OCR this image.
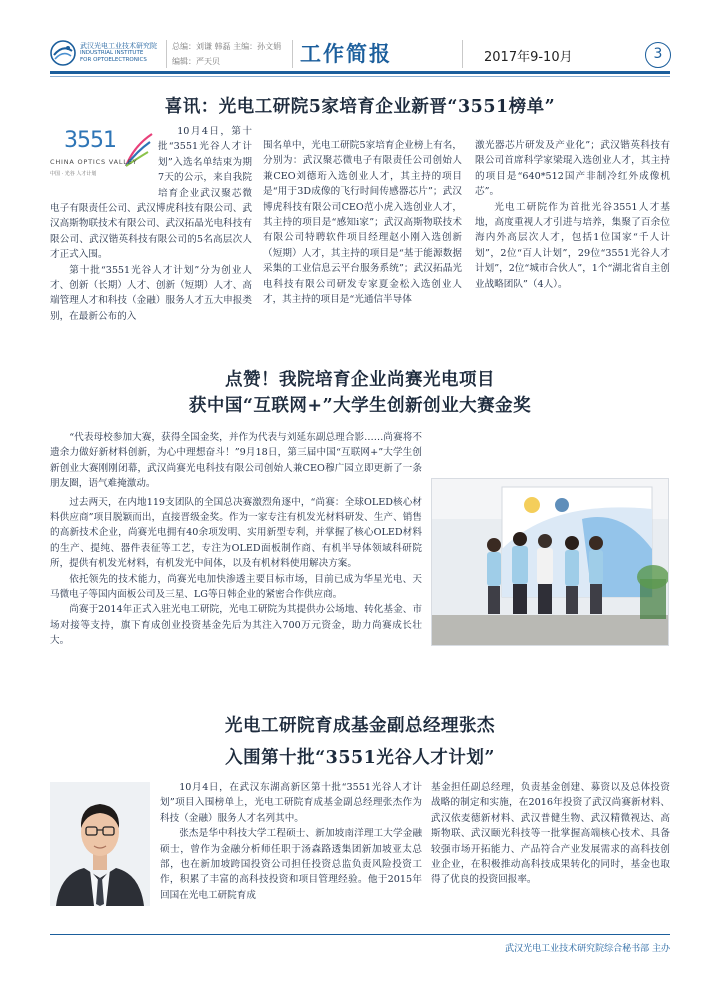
武汉光电工业技术研究院
INDUSTRIAL INSTITUTE
FOR OPTOELECTRONICS
总编：刘谦 韩磊 主编：孙文娟
编辑：严天贝	工作简报	2017年9-10月	3
喜讯：光电工研院5家培育企业新晋“3551榜单”
3551
CHINA OPTICS VALLEY
中国 · 光谷 人才计划

10月4日，第十批“3551光谷人才计划”入选名单结束为期7天的公示，来自我院培育企业武汉聚芯微电子有限责任公司、武汉博虎科技有限公司、武汉高斯物联技术有限公司、武汉拓晶光电科技有限公司、武汉锴英科技有限公司的5名高层次人才正式入围。

第十批“3551光谷人才计划”分为创业人才、创新（长期）人才、创新（短期）人才、高端管理人才和科技（金融）服务人才五大申报类别，在最新公布的入

围名单中，光电工研院5家培育企业榜上有名，分别为：武汉聚芯微电子有限责任公司创始人兼CEO刘德珩入选创业人才，其主持的项目是“用于3D成像的飞行时间传感器芯片”；武汉博虎科技有限公司CEO范小虎入选创业人才，其主持的项目是“感知i家”；武汉高斯物联技术有限公司特聘软件项目经理赵小刚入选创新（短期）人才，其主持的项目是“基于能源数据采集的工业信息云平台服务系统”；武汉拓晶光电科技有限公司研发专家夏金松入选创业人才，其主持的项目是“光通信半导体

激光器芯片研发及产业化”；武汉锴英科技有限公司首席科学家梁琨入选创业人才，其主持的项目是“640*512国产非制冷红外成像机芯”。

光电工研院作为首批光谷3551人才基地，高度重视人才引进与培养，集聚了百余位海内外高层次人才，包括1位国家“千人计划”，2位“百人计划”，29位“3551光谷人才计划”，2位“城市合伙人”，1个“湖北省自主创业战略团队”（4人）。

点赞！我院培育企业尚赛光电项目
获中国“互联网+”大学生创新创业大赛金奖

“代表母校参加大赛，获得全国金奖，并作为代表与刘延东副总理合影……尚赛将不遗余力做好新材料创新，为心中理想奋斗！”9月18日，第三届中国“互联网+”大学生创新创业大赛刚刚闭幕，武汉尚赛光电科技有限公司创始人兼CEO穆广园立即更新了一条朋友圈，语气难掩激动。

过去两天，在内地119支团队的全国总决赛激烈角逐中，“尚赛：全球OLED核心材料供应商”项目脱颖而出，直接晋级金奖。作为一家专注有机发光材料研发、生产、销售的高新技术企业，尚赛光电拥有40余项发明、实用新型专利，并掌握了核心OLED材料的生产、提纯、器件表征等工艺，专注为OLED面板制作商、有机半导体领域科研院所，提供有机发光材料，有机发光中间体，以及有机材料使用解决方案。

依托领先的技术能力，尚赛光电加快渗透主要目标市场，目前已成为华星光电、天马微电子等国内面板公司及三星、LG等日韩企业的紧密合作供应商。

尚赛于2014年正式入驻光电工研院，光电工研院为其提供办公场地、转化基金、市场对接等支持，旗下育成创业投资基金先后为其注入700万元资金，助力尚赛成长壮大。

光电工研院育成基金副总经理张杰
入围第十批“3551光谷人才计划”

10月4日，在武汉东湖高新区第十批“3551光谷人才计划”项目入围榜单上，光电工研院育成基金副总经理张杰作为科技（金融）服务人才名列其中。

张杰是华中科技大学工程硕士、新加坡南洋理工大学金融硕士，曾作为金融分析师任职于汤森路透集团新加坡亚太总部，也在新加坡跨国投资公司担任投资总监负责风险投资工作，积累了丰富的高科技投资和项目管理经验。他于2015年回国在光电工研院育成

基金担任副总经理，负责基金创建、募资以及总体投资战略的制定和实施，在2016年投资了武汉尚赛新材料、武汉依麦德新材料、武汉普健生物、武汉精微视达、高斯物联、武汉颐光科技等一批掌握高端核心技术、具备较强市场开拓能力、产品符合产业发展需求的高科技创业企业，在积极推动高科技成果转化的同时，基金也取得了优良的投资回报率。

武汉光电工业技术研究院综合秘书部 主办
